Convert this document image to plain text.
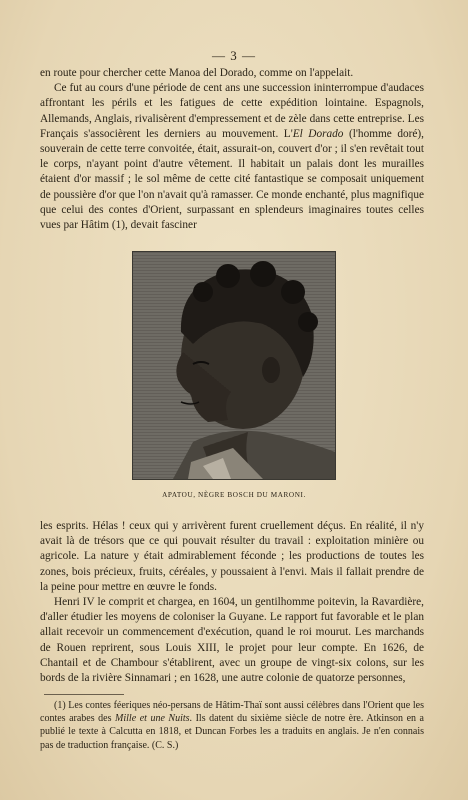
— 3 —

en route pour chercher cette Manoa del Dorado, comme on l'appelait.

Ce fut au cours d'une période de cent ans une succession ininterrompue d'audaces affrontant les périls et les fatigues de cette expédition lointaine. Espagnols, Allemands, Anglais, rivalisèrent d'empressement et de zèle dans cette entreprise. Les Français s'associèrent les derniers au mouvement. L'El Dorado (l'homme doré), souverain de cette terre convoitée, était, assurait-on, couvert d'or ; il s'en revêtait tout le corps, n'ayant point d'autre vêtement. Il habitait un palais dont les murailles étaient d'or massif ; le sol même de cette cité fantastique se composait uniquement de poussière d'or que l'on n'avait qu'à ramasser. Ce monde enchanté, plus magnifique que celui des contes d'Orient, surpassant en splendeurs imaginaires toutes celles vues par Hâtim (1), devait fasciner

APATOU, NÈGRE BOSCH DU MARONI.

les esprits. Hélas ! ceux qui y arrivèrent furent cruellement déçus. En réalité, il n'y avait là de trésors que ce qui pouvait résulter du travail : exploitation minière ou agricole. La nature y était admirablement féconde ; les productions de toutes les zones, bois précieux, fruits, céréales, y poussaient à l'envi. Mais il fallait prendre de la peine pour mettre en œuvre le fonds.

Henri IV le comprit et chargea, en 1604, un gentilhomme poitevin, la Ravardière, d'aller étudier les moyens de coloniser la Guyane. Le rapport fut favorable et le plan allait recevoir un commencement d'exécution, quand le roi mourut. Les marchands de Rouen reprirent, sous Louis XIII, le projet pour leur compte. En 1626, de Chantail et de Chambour s'établirent, avec un groupe de vingt-six colons, sur les bords de la rivière Sinnamari ; en 1628, une autre colonie de quatorze personnes,

(1) Les contes féeriques néo-persans de Hâtim-Thaï sont aussi célèbres dans l'Orient que les contes arabes des Mille et une Nuits. Ils datent du sixième siècle de notre ère. Atkinson en a publié le texte à Calcutta en 1818, et Duncan Forbes les a traduits en anglais. Je n'en connais pas de traduction française. (C. S.)
